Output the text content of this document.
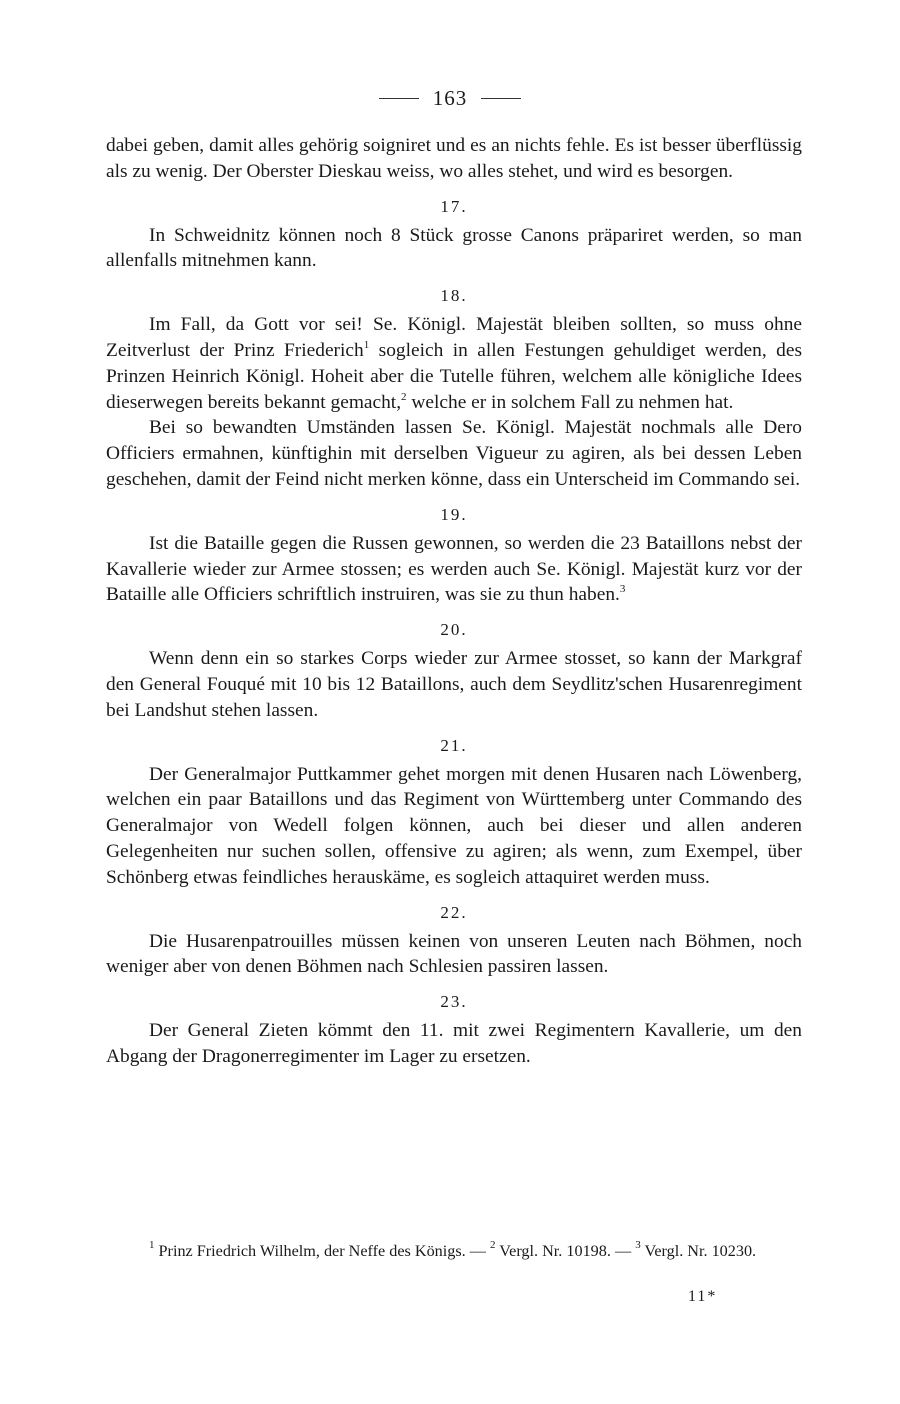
163

dabei geben, damit alles gehörig soigniret und es an nichts fehle. Es ist besser überflüssig als zu wenig. Der Oberster Dieskau weiss, wo alles stehet, und wird es besorgen.

17.

In Schweidnitz können noch 8 Stück grosse Canons präpariret werden, so man allenfalls mitnehmen kann.

18.

Im Fall, da Gott vor sei! Se. Königl. Majestät bleiben sollten, so muss ohne Zeitverlust der Prinz Friederich$^1$ sogleich in allen Festungen gehuldiget werden, des Prinzen Heinrich Königl. Hoheit aber die Tutelle führen, welchem alle königliche Idees dieserwegen bereits bekannt gemacht,$^2$ welche er in solchem Fall zu nehmen hat.

Bei so bewandten Umständen lassen Se. Königl. Majestät nochmals alle Dero Officiers ermahnen, künftighin mit derselben Vigueur zu agiren, als bei dessen Leben geschehen, damit der Feind nicht merken könne, dass ein Unterscheid im Commando sei.

19.

Ist die Bataille gegen die Russen gewonnen, so werden die 23 Bataillons nebst der Kavallerie wieder zur Armee stossen; es werden auch Se. Königl. Majestät kurz vor der Bataille alle Officiers schriftlich instruiren, was sie zu thun haben.$^3$

20.

Wenn denn ein so starkes Corps wieder zur Armee stosset, so kann der Markgraf den General Fouqué mit 10 bis 12 Bataillons, auch dem Seydlitz'schen Husarenregiment bei Landshut stehen lassen.

21.

Der Generalmajor Puttkammer gehet morgen mit denen Husaren nach Löwenberg, welchen ein paar Bataillons und das Regiment von Württemberg unter Commando des Generalmajor von Wedell folgen können, auch bei dieser und allen anderen Gelegenheiten nur suchen sollen, offensive zu agiren; als wenn, zum Exempel, über Schönberg etwas feindliches herauskäme, es sogleich attaquiret werden muss.

22.

Die Husarenpatrouilles müssen keinen von unseren Leuten nach Böhmen, noch weniger aber von denen Böhmen nach Schlesien passiren lassen.

23.

Der General Zieten kömmt den 11. mit zwei Regimentern Kavallerie, um den Abgang der Dragonerregimenter im Lager zu ersetzen.

$^1$ Prinz Friedrich Wilhelm, der Neffe des Königs. — $^2$ Vergl. Nr. 10198. — $^3$ Vergl. Nr. 10230.

11*
